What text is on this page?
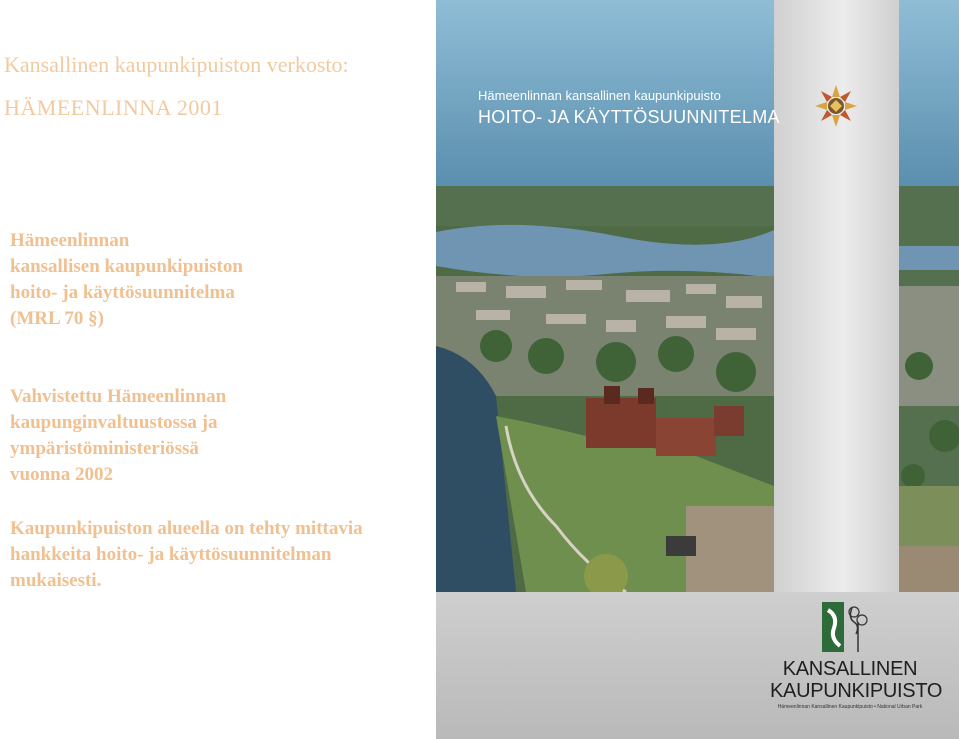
Kansallinen kaupunkipuiston verkosto:
HÄMEENLINNA 2001
Hämeenlinnan
kansallisen kaupunkipuiston
hoito- ja käyttösuunnitelma
(MRL 70 §)
Vahvistettu Hämeenlinnan
kaupunginvaltuustossa ja
ympäristöministeriössä
vuonna 2002
Kaupunkipuiston alueella on tehty mittavia
hankkeita hoito- ja käyttösuunnitelman
mukaisesti.
Hämeenlinnan kansallinen kaupunkipuisto
HOITO- JA KÄYTTÖSUUNNITELMA
KANSALLINEN
KAUPUNKIPUISTO
Hämeenlinnan Kansallinen Kaupunkipuisto • National Urban Park
